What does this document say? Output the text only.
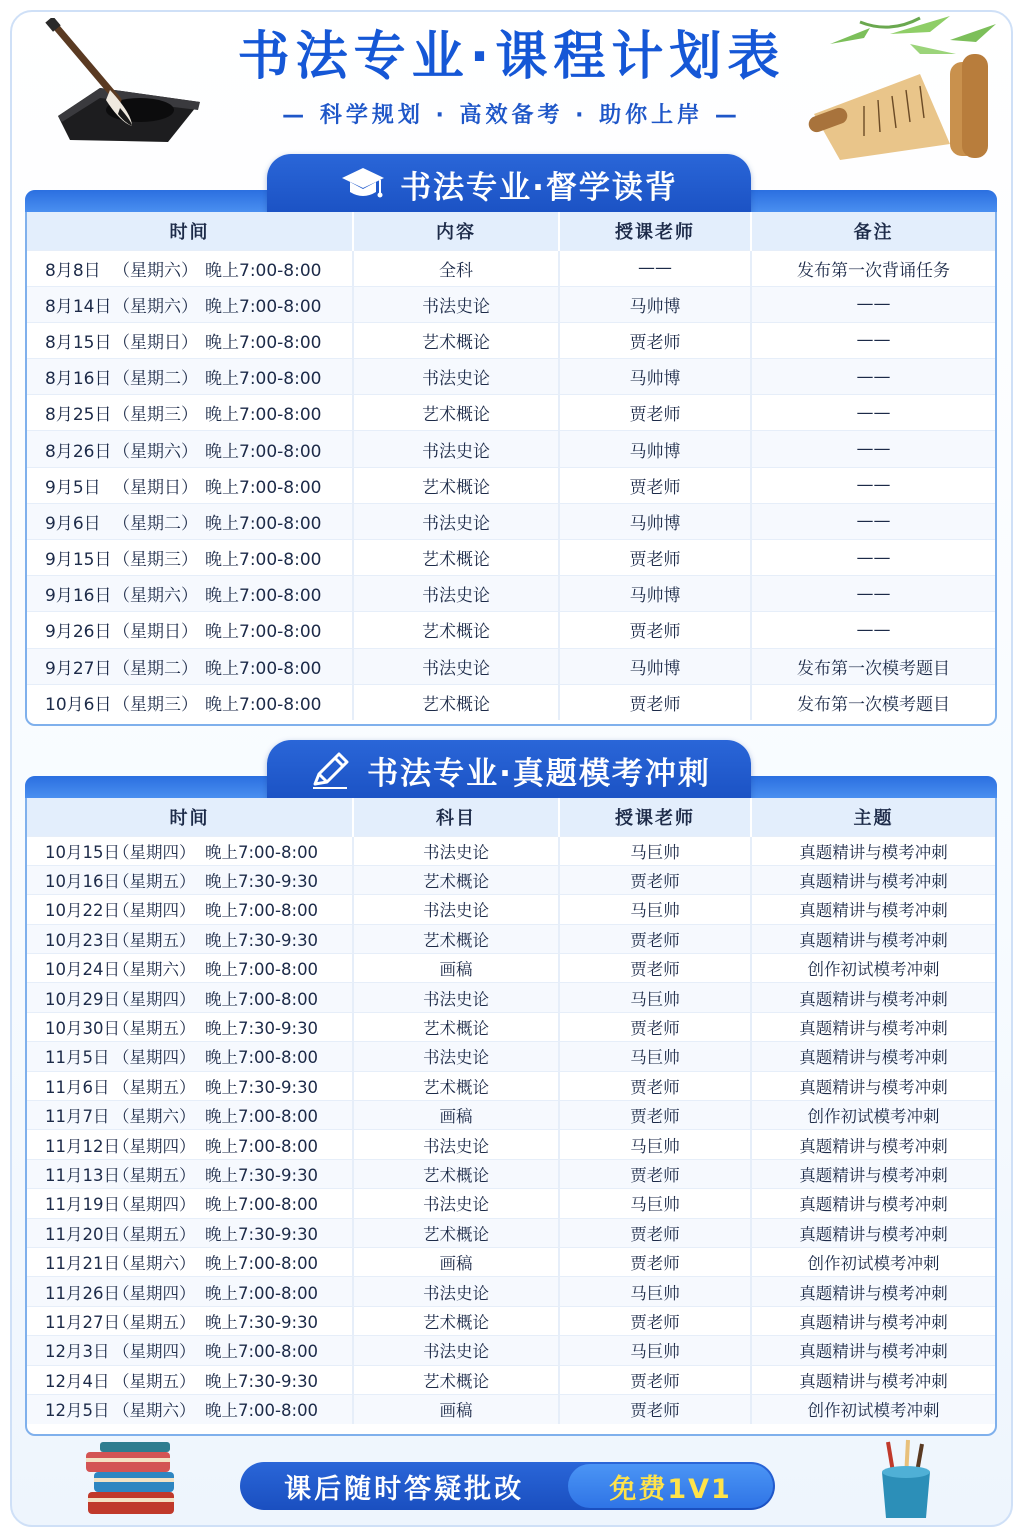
书法专业·课程计划表
— 科学规划 · 高效备考 · 助你上岸 —
书法专业·督学读背
时间	内容	授课老师	备注
8月8日 （星期六） 晚上7:00-8:00	全科	——	发布第一次背诵任务
8月14日（星期六） 晚上7:00-8:00	书法史论	马帅博	——
8月15日（星期日） 晚上7:00-8:00	艺术概论	贾老师	——
8月16日（星期二） 晚上7:00-8:00	书法史论	马帅博	——
8月25日（星期三） 晚上7:00-8:00	艺术概论	贾老师	——
8月26日（星期六） 晚上7:00-8:00	书法史论	马帅博	——
9月5日 （星期日） 晚上7:00-8:00	艺术概论	贾老师	——
9月6日 （星期二） 晚上7:00-8:00	书法史论	马帅博	——
9月15日（星期三） 晚上7:00-8:00	艺术概论	贾老师	——
9月16日（星期六） 晚上7:00-8:00	书法史论	马帅博	——
9月26日（星期日） 晚上7:00-8:00	艺术概论	贾老师	——
9月27日（星期二） 晚上7:00-8:00	书法史论	马帅博	发布第一次模考题目
10月6日（星期三） 晚上7:00-8:00	艺术概论	贾老师	发布第一次模考题目
书法专业·真题模考冲刺
时间	科目	授课老师	主题
10月15日（星期四） 晚上7:00-8:00	书法史论	马巨帅	真题精讲与模考冲刺
10月16日（星期五） 晚上7:30-9:30	艺术概论	贾老师	真题精讲与模考冲刺
10月22日（星期四） 晚上7:00-8:00	书法史论	马巨帅	真题精讲与模考冲刺
10月23日（星期五） 晚上7:30-9:30	艺术概论	贾老师	真题精讲与模考冲刺
10月24日（星期六） 晚上7:00-8:00	画稿	贾老师	创作初试模考冲刺
10月29日（星期四） 晚上7:00-8:00	书法史论	马巨帅	真题精讲与模考冲刺
10月30日（星期五） 晚上7:30-9:30	艺术概论	贾老师	真题精讲与模考冲刺
11月5日 （星期四） 晚上7:00-8:00	书法史论	马巨帅	真题精讲与模考冲刺
11月6日 （星期五） 晚上7:30-9:30	艺术概论	贾老师	真题精讲与模考冲刺
11月7日 （星期六） 晚上7:00-8:00	画稿	贾老师	创作初试模考冲刺
11月12日（星期四） 晚上7:00-8:00	书法史论	马巨帅	真题精讲与模考冲刺
11月13日（星期五） 晚上7:30-9:30	艺术概论	贾老师	真题精讲与模考冲刺
11月19日（星期四） 晚上7:00-8:00	书法史论	马巨帅	真题精讲与模考冲刺
11月20日（星期五） 晚上7:30-9:30	艺术概论	贾老师	真题精讲与模考冲刺
11月21日（星期六） 晚上7:00-8:00	画稿	贾老师	创作初试模考冲刺
11月26日（星期四） 晚上7:00-8:00	书法史论	马巨帅	真题精讲与模考冲刺
11月27日（星期五） 晚上7:30-9:30	艺术概论	贾老师	真题精讲与模考冲刺
12月3日 （星期四） 晚上7:00-8:00	书法史论	马巨帅	真题精讲与模考冲刺
12月4日 （星期五） 晚上7:30-9:30	艺术概论	贾老师	真题精讲与模考冲刺
12月5日 （星期六） 晚上7:00-8:00	画稿	贾老师	创作初试模考冲刺
课后随时答疑批改	免费1V1
